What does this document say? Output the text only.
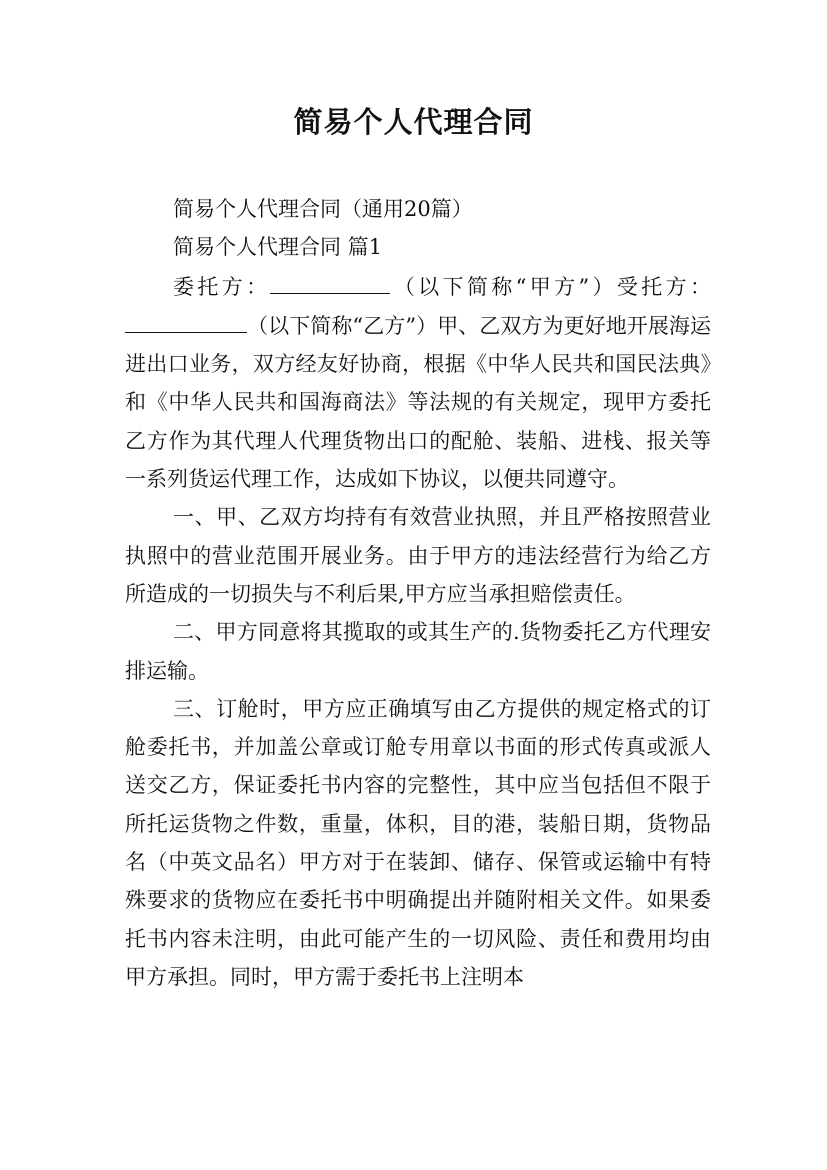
简易个人代理合同

简易个人代理合同（通用20篇）

简易个人代理合同 篇1

委托方：	（以下简称“甲方”）受托方：（以下简称“乙方”）甲、乙双方为更好地开展海运进出口业务，双方经友好协商，根据《中华人民共和国民法典》和《中华人民共和国海商法》等法规的有关规定，现甲方委托乙方作为其代理人代理货物出口的配舱、装船、进栈、报关等一系列货运代理工作，达成如下协议，以便共同遵守。

一、甲、乙双方均持有有效营业执照，并且严格按照营业执照中的营业范围开展业务。由于甲方的违法经营行为给乙方所造成的一切损失与不利后果,甲方应当承担赔偿责任。

二、甲方同意将其揽取的或其生产的.货物委托乙方代理安排运输。

三、订舱时，甲方应正确填写由乙方提供的规定格式的订舱委托书，并加盖公章或订舱专用章以书面的形式传真或派人送交乙方，保证委托书内容的完整性，其中应当包括但不限于所托运货物之件数，重量，体积，目的港，装船日期，货物品名（中英文品名）甲方对于在装卸、储存、保管或运输中有特殊要求的货物应在委托书中明确提出并随附相关文件。如果委托书内容未注明，由此可能产生的一切风险、责任和费用均由甲方承担。同时，甲方需于委托书上注明本
